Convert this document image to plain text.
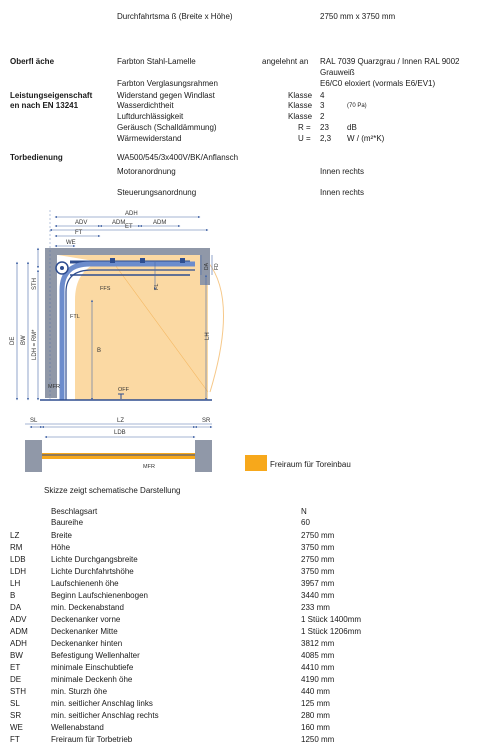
Durchfahrtsma ß (Breite x Höhe)	2750 mm x 3750 mm
Oberfl äche	Farbton Stahl-Lamelle	angelehnt an RAL 7039 Quarzgrau / Innen RAL 9002
Grauweiß
Farbton Verglasungsrahmen	E6/C0 eloxiert (vormals E6/EV1)
Leistungseigenschaft
en nach EN 13241
Widerstand gegen Windlast	Klasse 4
Wasserdichtheit	Klasse 3	(70 Pa)
Luftdurchlässigkeit	Klasse 2
Geräusch (Schalldämmung)	R = 23 dB
Wärmewiderstand	U = 2,3 W / (m²*K)
Torbedienung	WA500/545/3x400V/BK/Anflansch
Motoranordnung	Innen rechts
Steuerungsanordnung	Innen rechts
ET
ADH
ADV	ADM	ADM
FT
WE
STH
DE BW LDH = RM*	B
LH
DA FD
FFS	FL
FTL
MFR	OFF
SL	LZ	SR
LDB
MFR	Freiraum für Toreinbau
Skizze zeigt schematische Darstellung
Beschlagsart	N
Baureihe	60
LZ	Breite	2750 mm
RM	Höhe	3750 mm
LDB	Lichte Durchgangsbreite	2750 mm
LDH	Lichte Durchfahrtshöhe	3750 mm
LH	Laufschienenh öhe	3957 mm
B	Beginn Laufschienenbogen	3440 mm
DA	min. Deckenabstand	233 mm
ADV	Deckenanker vorne	1 Stück 1400mm
ADM	Deckenanker Mitte	1 Stück 1206mm
ADH	Deckenanker hinten	3812 mm
BW	Befestigung Wellenhalter	4085 mm
ET	minimale Einschubtiefe	4410 mm
DE	minimale Deckenh öhe	4190 mm
STH	min. Sturzh öhe	440 mm
SL	min. seitlicher Anschlag links	125 mm
SR	min. seitlicher Anschlag rechts	280 mm
WE	Wellenabstand	160 mm
FT	Freiraum für Torbetrieb	1250 mm
